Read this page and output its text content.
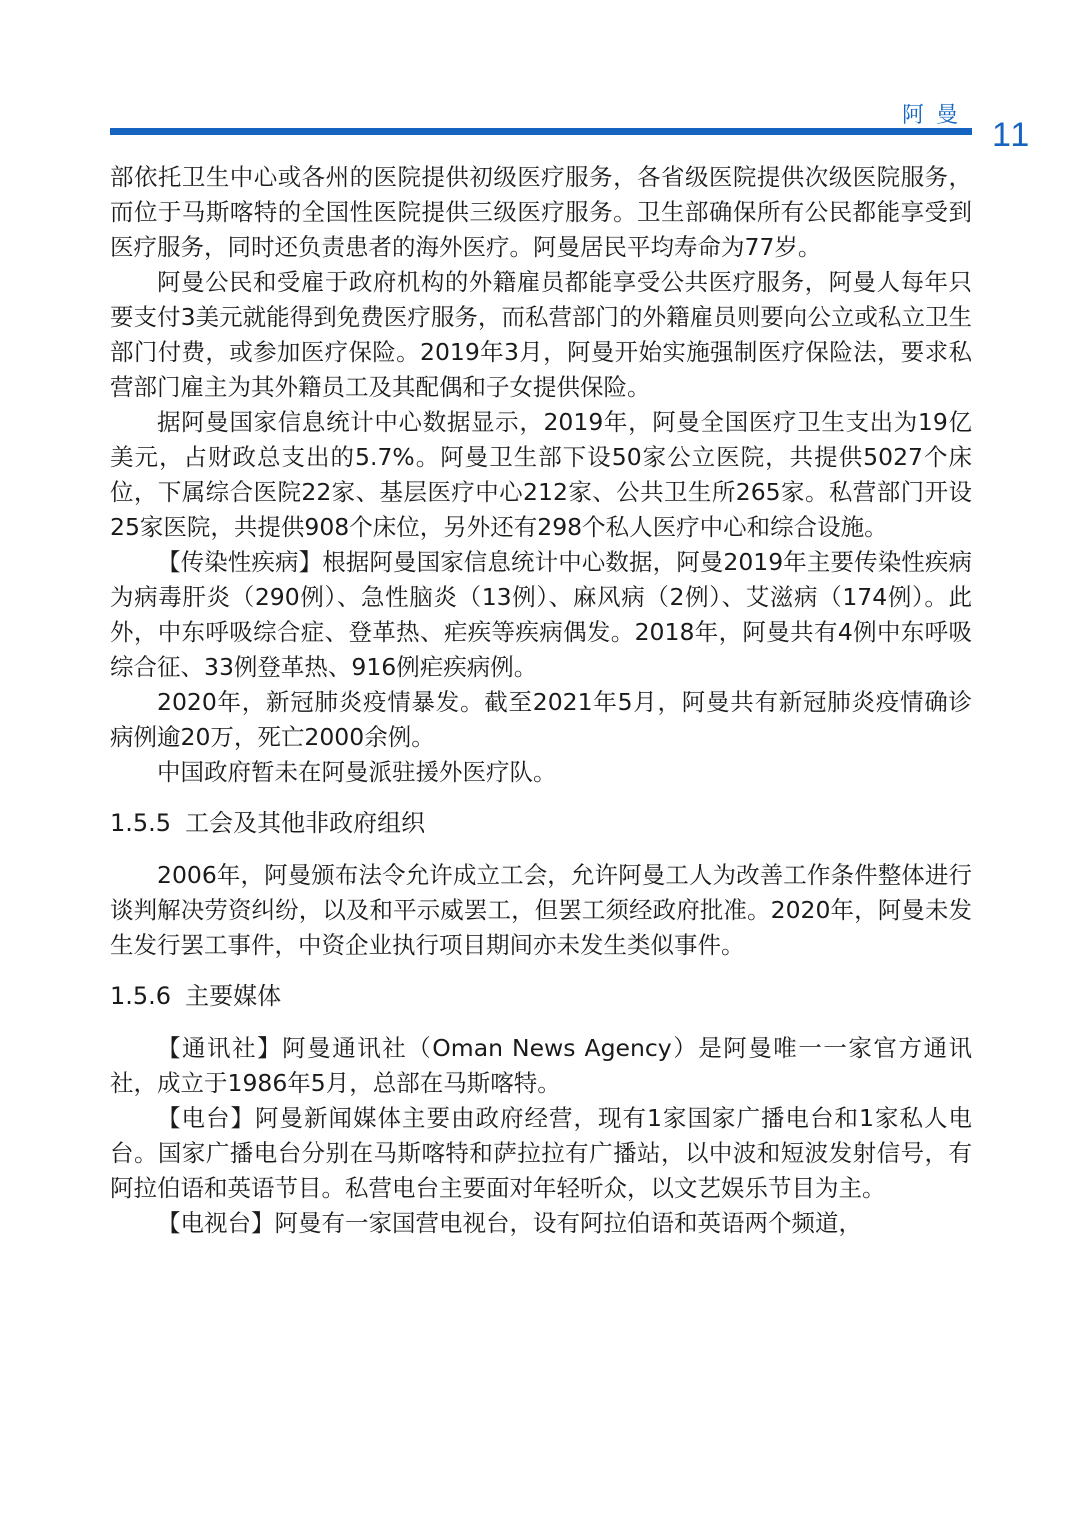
阿曼
11

部依托卫生中心或各州的医院提供初级医疗服务，各省级医院提供次级医院服务，而位于马斯喀特的全国性医院提供三级医疗服务。卫生部确保所有公民都能享受到医疗服务，同时还负责患者的海外医疗。阿曼居民平均寿命为77岁。

阿曼公民和受雇于政府机构的外籍雇员都能享受公共医疗服务，阿曼人每年只要支付3美元就能得到免费医疗服务，而私营部门的外籍雇员则要向公立或私立卫生部门付费，或参加医疗保险。2019年3月，阿曼开始实施强制医疗保险法，要求私营部门雇主为其外籍员工及其配偶和子女提供保险。

据阿曼国家信息统计中心数据显示，2019年，阿曼全国医疗卫生支出为19亿美元，占财政总支出的5.7%。阿曼卫生部下设50家公立医院，共提供5027个床位，下属综合医院22家、基层医疗中心212家、公共卫生所265家。私营部门开设25家医院，共提供908个床位，另外还有298个私人医疗中心和综合设施。

【传染性疾病】根据阿曼国家信息统计中心数据，阿曼2019年主要传染性疾病为病毒肝炎（290例）、急性脑炎（13例）、麻风病（2例）、艾滋病（174例）。此外，中东呼吸综合症、登革热、疟疾等疾病偶发。2018年，阿曼共有4例中东呼吸综合征、33例登革热、916例疟疾病例。

2020年，新冠肺炎疫情暴发。截至2021年5月，阿曼共有新冠肺炎疫情确诊病例逾20万，死亡2000余例。

中国政府暂未在阿曼派驻援外医疗队。

1.5.5 工会及其他非政府组织

2006年，阿曼颁布法令允许成立工会，允许阿曼工人为改善工作条件整体进行谈判解决劳资纠纷，以及和平示威罢工，但罢工须经政府批准。2020年，阿曼未发生发行罢工事件，中资企业执行项目期间亦未发生类似事件。

1.5.6 主要媒体

【通讯社】阿曼通讯社（Oman News Agency）是阿曼唯一一家官方通讯社，成立于1986年5月，总部在马斯喀特。

【电台】阿曼新闻媒体主要由政府经营，现有1家国家广播电台和1家私人电台。国家广播电台分别在马斯喀特和萨拉拉有广播站，以中波和短波发射信号，有阿拉伯语和英语节目。私营电台主要面对年轻听众，以文艺娱乐节目为主。

【电视台】阿曼有一家国营电视台，设有阿拉伯语和英语两个频道，
